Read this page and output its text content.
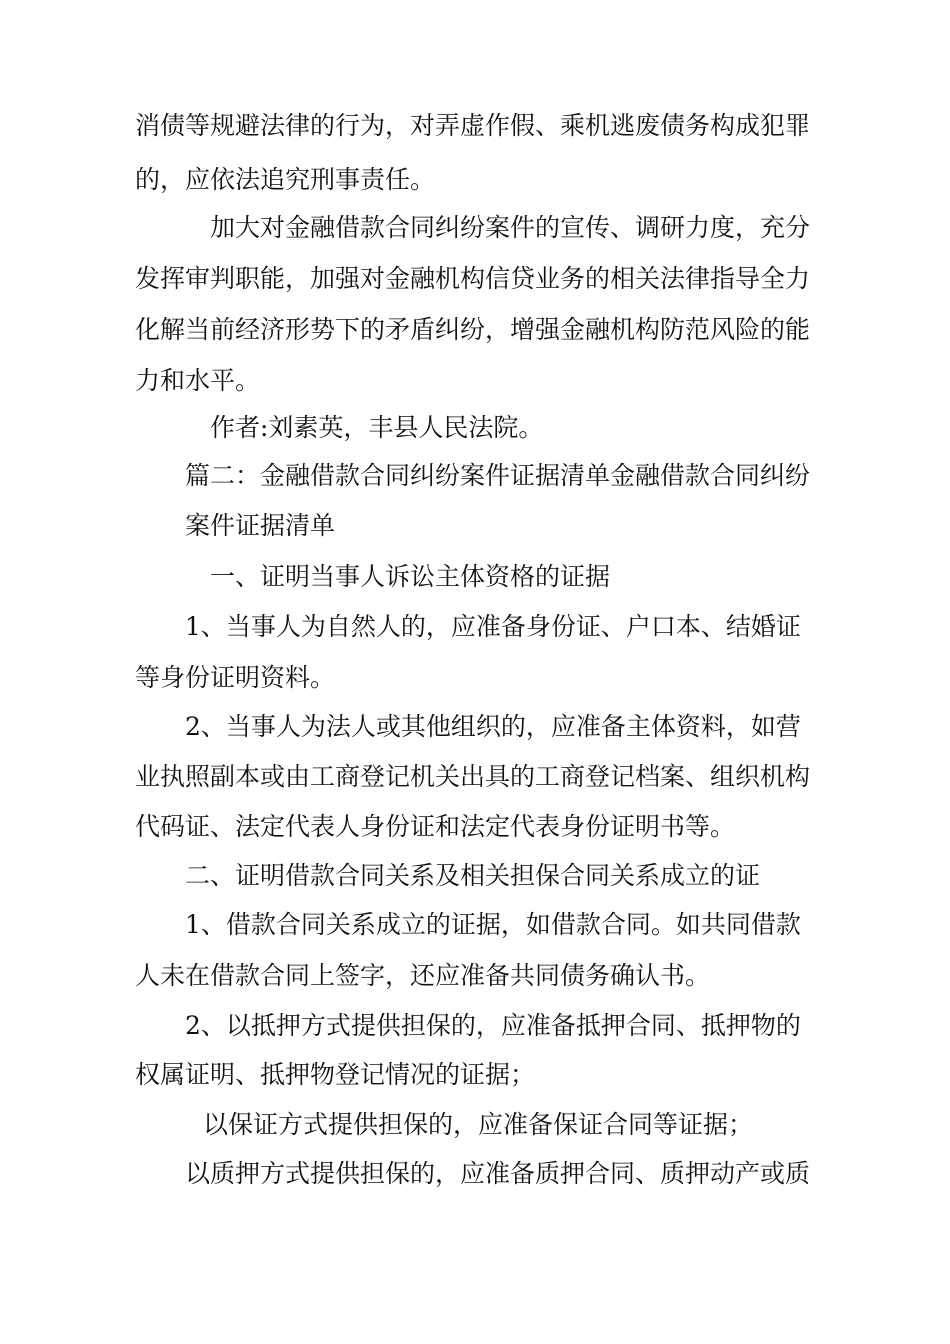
消债等规避法律的行为，对弄虚作假、乘机逃废债务构成犯罪
的，应依法追究刑事责任。
加大对金融借款合同纠纷案件的宣传、调研力度，充分
发挥审判职能，加强对金融机构信贷业务的相关法律指导全力
化解当前经济形势下的矛盾纠纷，增强金融机构防范风险的能
力和水平。
作者:刘素英，丰县人民法院。
篇二：金融借款合同纠纷案件证据清单金融借款合同纠纷
案件证据清单
一、证明当事人诉讼主体资格的证据
1、当事人为自然人的，应准备身份证、户口本、结婚证
等身份证明资料。
2、当事人为法人或其他组织的，应准备主体资料，如营
业执照副本或由工商登记机关出具的工商登记档案、组织机构
代码证、法定代表人身份证和法定代表身份证明书等。
二、证明借款合同关系及相关担保合同关系成立的证
1、借款合同关系成立的证据，如借款合同。如共同借款
人未在借款合同上签字，还应准备共同债务确认书。
2、以抵押方式提供担保的，应准备抵押合同、抵押物的
权属证明、抵押物登记情况的证据；
以保证方式提供担保的，应准备保证合同等证据；
以质押方式提供担保的，应准备质押合同、质押动产或质
